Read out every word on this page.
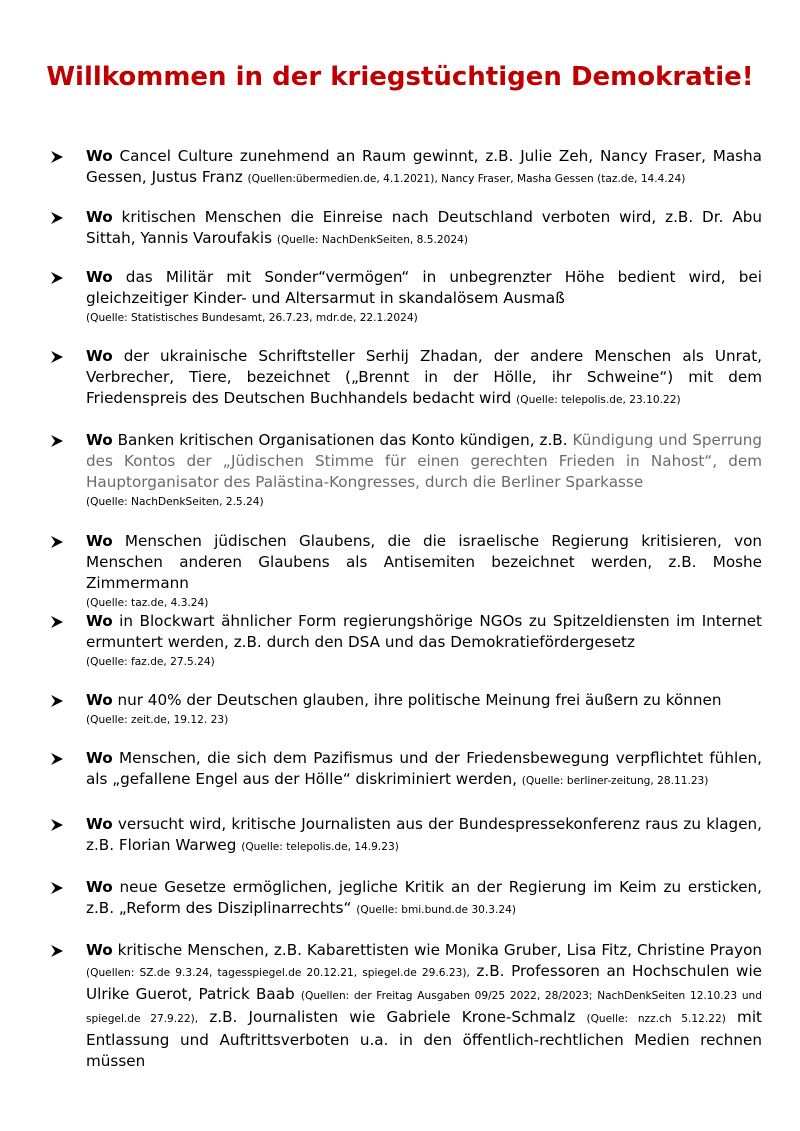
Willkommen in der kriegstüchtigen Demokratie!
Wo Cancel Culture zunehmend an Raum gewinnt, z.B. Julie Zeh, Nancy Fraser, Masha Gessen, Justus Franz (Quellen:übermedien.de, 4.1.2021), Nancy Fraser, Masha Gessen (taz.de, 14.4.24)
Wo kritischen Menschen die Einreise nach Deutschland verboten wird, z.B. Dr. Abu Sittah, Yannis Varoufakis (Quelle: NachDenkSeiten, 8.5.2024)
Wo das Militär mit Sonder“vermögen“ in unbegrenzter Höhe bedient wird, bei gleichzeitiger Kinder- und Altersarmut in skandalösem Ausmaß
(Quelle: Statistisches Bundesamt, 26.7.23, mdr.de, 22.1.2024)
Wo der ukrainische Schriftsteller Serhij Zhadan, der andere Menschen als Unrat, Verbrecher, Tiere, bezeichnet („Brennt in der Hölle, ihr Schweine“) mit dem Friedenspreis des Deutschen Buchhandels bedacht wird (Quelle: telepolis.de, 23.10.22)
Wo Banken kritischen Organisationen das Konto kündigen, z.B. Kündigung und Sperrung des Kontos der „Jüdischen Stimme für einen gerechten Frieden in Nahost“, dem Hauptorganisator des Palästina-Kongresses, durch die Berliner Sparkasse
(Quelle: NachDenkSeiten, 2.5.24)
Wo Menschen jüdischen Glaubens, die die israelische Regierung kritisieren, von Menschen anderen Glaubens als Antisemiten bezeichnet werden, z.B. Moshe Zimmermann
(Quelle: taz.de, 4.3.24)
Wo in Blockwart ähnlicher Form regierungshörige NGOs zu Spitzeldiensten im Internet ermuntert werden, z.B. durch den DSA und das Demokratiefördergesetz
(Quelle: faz.de, 27.5.24)
Wo nur 40% der Deutschen glauben, ihre politische Meinung frei äußern zu können
(Quelle: zeit.de, 19.12. 23)
Wo Menschen, die sich dem Pazifismus und der Friedensbewegung verpflichtet fühlen, als „gefallene Engel aus der Hölle“ diskriminiert werden, (Quelle: berliner-zeitung, 28.11.23)
Wo versucht wird, kritische Journalisten aus der Bundespressekonferenz raus zu klagen, z.B. Florian Warweg (Quelle: telepolis.de, 14.9.23)
Wo neue Gesetze ermöglichen, jegliche Kritik an der Regierung im Keim zu ersticken, z.B. „Reform des Disziplinarrechts“ (Quelle: bmi.bund.de 30.3.24)
Wo kritische Menschen, z.B. Kabarettisten wie Monika Gruber, Lisa Fitz, Christine Prayon (Quellen: SZ.de 9.3.24, tagesspiegel.de 20.12.21, spiegel.de 29.6.23), z.B. Professoren an Hochschulen wie Ulrike Guerot, Patrick Baab (Quellen: der Freitag Ausgaben 09/25 2022, 28/2023; NachDenkSeiten 12.10.23 und spiegel.de 27.9.22), z.B. Journalisten wie Gabriele Krone-Schmalz (Quelle: nzz.ch 5.12.22) mit Entlassung und Auftrittsverboten u.a. in den öffentlich-rechtlichen Medien rechnen müssen
